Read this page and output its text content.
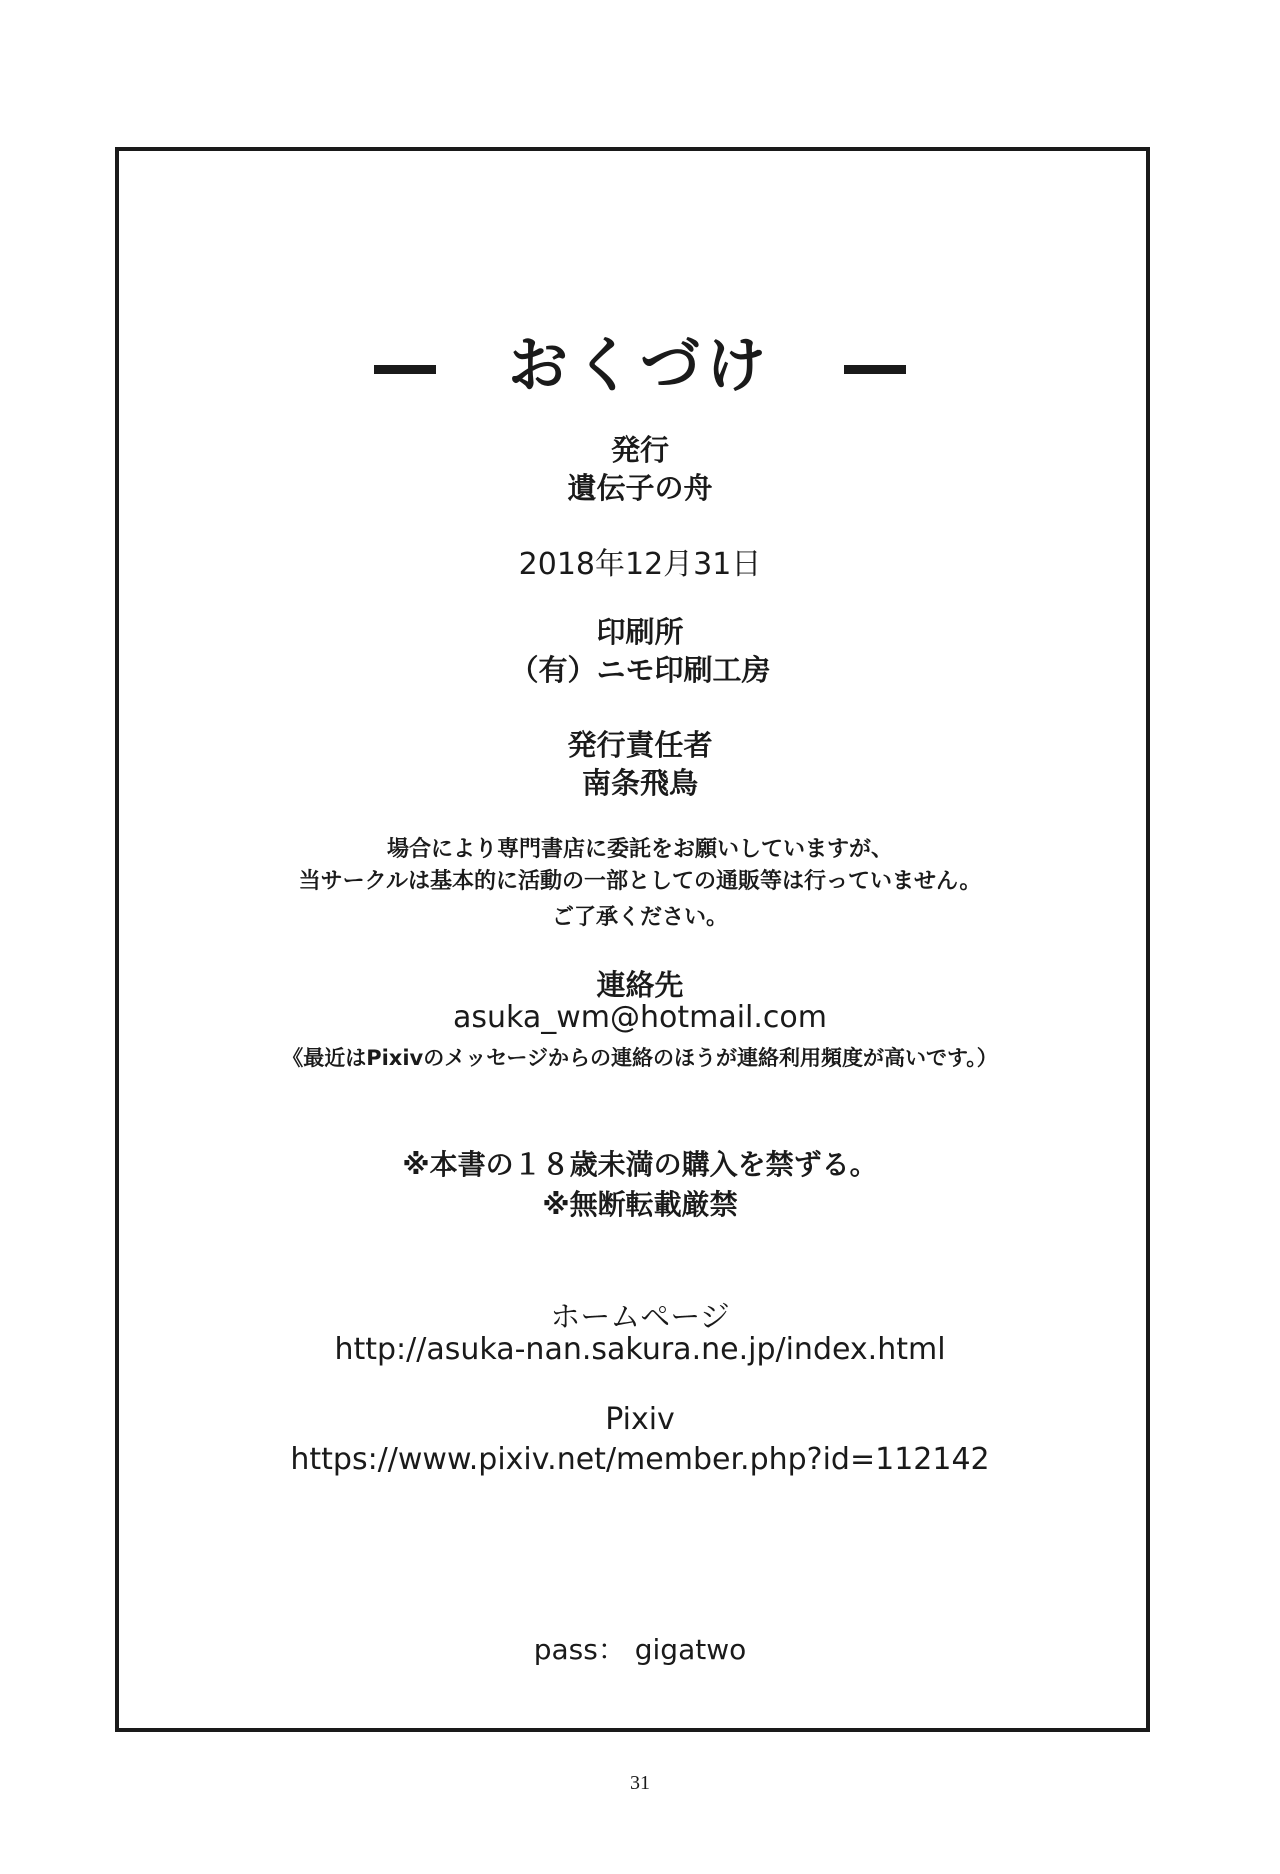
おくづけ
発行
遺伝子の舟
2018年12月31日
印刷所
（有）ニモ印刷工房
発行責任者
南条飛鳥
場合により専門書店に委託をお願いしていますが、
当サークルは基本的に活動の一部としての通販等は行っていません。
ご了承ください。
連絡先
asuka_wm@hotmail.com
《最近はPixivのメッセージからの連絡のほうが連絡利用頻度が高いです。）
※本書の１８歳未満の購入を禁ずる。
※無断転載厳禁
ホームページ
http://asuka-nan.sakura.ne.jp/index.html
Pixiv
https://www.pixiv.net/member.php?id=112142
pass： gigatwo
31
